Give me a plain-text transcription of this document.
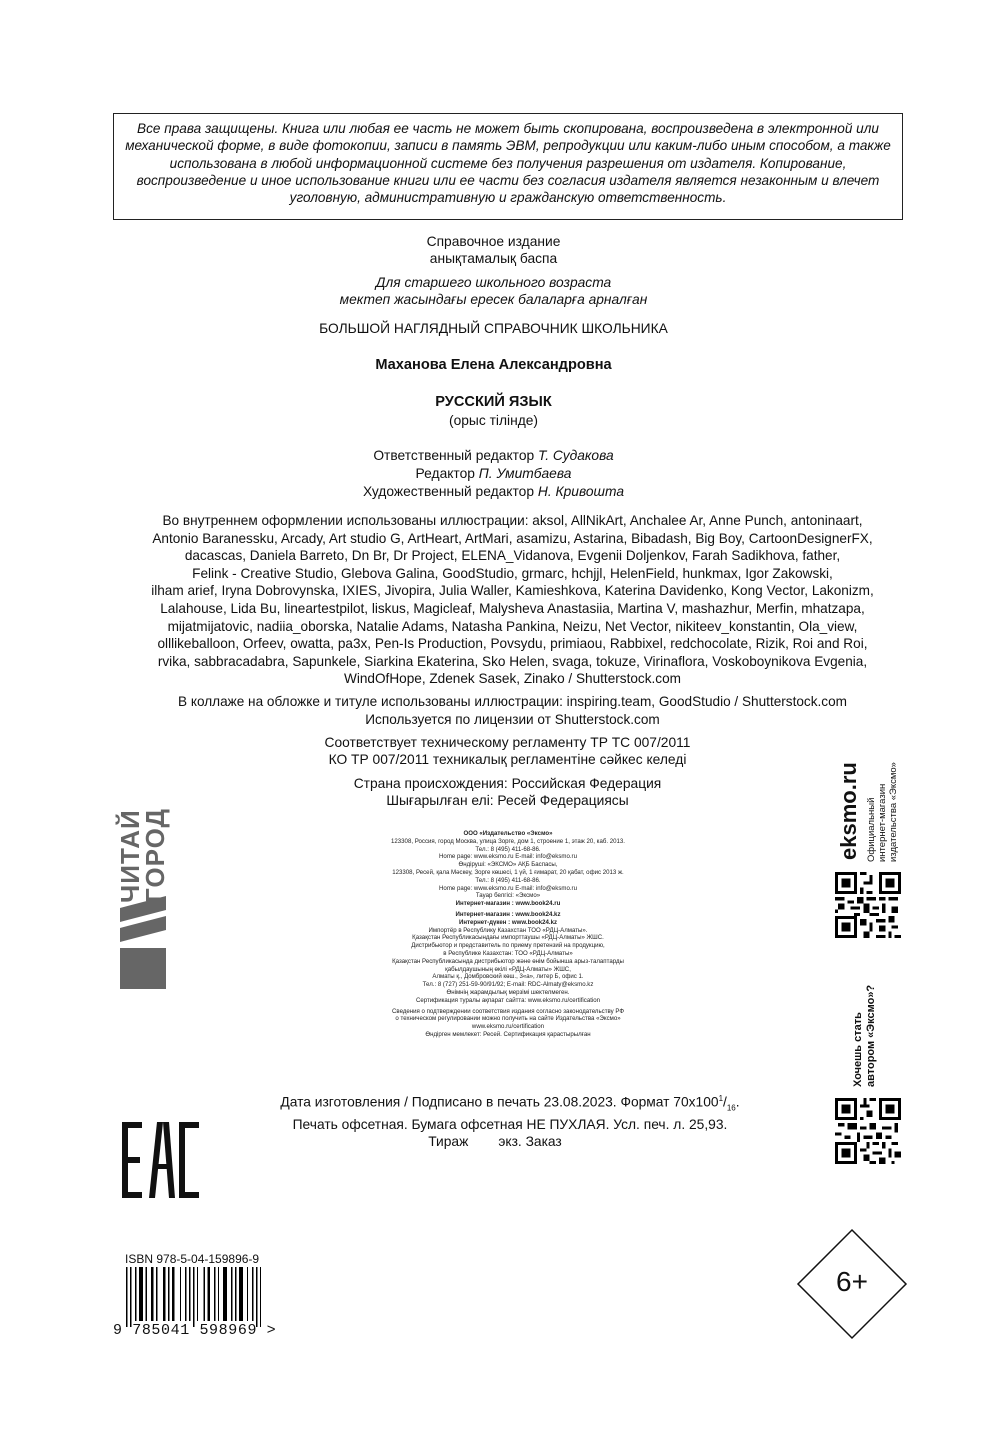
Все права защищены. Книга или любая ее часть не может быть скопирована, воспроизведена в электронной или механической форме, в виде фотокопии, записи в память ЭВМ, репродукции или каким-либо иным способом, а также использована в любой информационной системе без получения разрешения от издателя. Копирование, воспроизведение и иное использование книги или ее части без согласия издателя является незаконным и влечет уголовную, административную и гражданскую ответственность.
Справочное издание
анықтамалық баспа
Для старшего школьного возраста
мектеп жасындағы ересек балаларға арналған
БОЛЬШОЙ НАГЛЯДНЫЙ СПРАВОЧНИК ШКОЛЬНИКА
Маханова Елена Александровна
РУССКИЙ ЯЗЫК
(орыс тілінде)
Ответственный редактор Т. Судакова
Редактор П. Умитбаева
Художественный редактор Н. Кривошта
Во внутреннем оформлении использованы иллюстрации: aksol, AllNikArt, Anchalee Ar, Anne Punch, antoninaart,
Antonio Baranessku, Arcady, Art studio G, ArtHeart, ArtMari, asamizu, Astarina, Bibadash, Big Boy, CartoonDesignerFX,
dacascas, Daniela Barreto, Dn Br, Dr Project, ELENA_Vidanova, Evgenii Doljenkov, Farah Sadikhova, father,
Felink - Creative Studio, Glebova Galina, GoodStudio, grmarc, hchjjl, HelenField, hunkmax, Igor Zakowski,
ilham arief, Iryna Dobrovynska, IXIES, Jivopira, Julia Waller, Kamieshkova, Katerina Davidenko, Kong Vector, Lakonizm,
Lalahouse, Lida Bu, lineartestpilot, liskus, Magicleaf, Malysheva Anastasiia, Martina V, mashazhur, Merfin, mhatzapa,
mijatmijatovic, nadiia_oborska, Natalie Adams, Natasha Pankina, Neizu, Net Vector, nikiteev_konstantin, Ola_view,
olllikeballoon, Orfeev, owatta, pa3x, Pen-Is Production, Povsydu, primiaou, Rabbixel, redchocolate, Rizik, Roi and Roi,
rvika, sabbracadabra, Sapunkele, Siarkina Ekaterina, Sko Helen, svaga, tokuze, Virinaflora, Voskoboynikova Evgenia,
WindOfHope, Zdenek Sasek, Zinako / Shutterstock.com
В коллаже на обложке и титуле использованы иллюстрации: inspiring.team, GoodStudio / Shutterstock.com
Используется по лицензии от Shutterstock.com
Соответствует техническому регламенту ТР ТС 007/2011
КО ТР 007/2011 техникалық регламентіне сәйкес келеді
Страна происхождения: Российская Федерация
Шығарылған елі: Ресей Федерациясы
ООО «Издательство «Эксмо»
123308, Россия, город Москва, улица Зорге, дом 1, строение 1, этаж 20, каб. 2013.
Тел.: 8 (495) 411-68-86.
Home page: www.eksmo.ru E-mail: info@eksmo.ru
Өндіруші: «ЭКСМО» АҚБ Баспасы,
123308, Ресей, қала Мәскеу, Зорге көшесі, 1 үй, 1 ғимарат, 20 қабат, офис 2013 ж.
Тел.: 8 (495) 411-68-86.
Home page: www.eksmo.ru E-mail: info@eksmo.ru
Тауар белгісі: «Эксмо»
Интернет-магазин : www.book24.ru
Интернет-магазин : www.book24.kz
Интернет-дүкен : www.book24.kz
Импортёр в Республику Казахстан ТОО «РДЦ-Алматы».
Қазақстан Республикасындағы импорттаушы «РДЦ-Алматы» ЖШС.
Дистрибьютор и представитель по приему претензий на продукцию,
в Республике Казахстан: ТОО «РДЦ-Алматы»
Қазақстан Республикасында дистрибьютор және өнім бойынша арыз-талаптарды
қабылдаушының өкілі «РДЦ-Алматы» ЖШС,
Алматы қ., Домбровский көш., 3«а», литер Б, офис 1.
Тел.: 8 (727) 251-59-90/91/92; E-mail: RDC-Almaty@eksmo.kz
Өнімнің жарамдылық мерзімі шектелмеген.
Сертификация туралы ақпарат сайтта: www.eksmo.ru/certification
Сведения о подтверждении соответствия издания согласно законодательству РФ
о техническом регулировании можно получить на сайте Издательства «Эксмо»
www.eksmo.ru/certification
Өндірген мемлекет: Ресей. Сертификация қарастырылған
Дата изготовления / Подписано в печать 23.08.2023. Формат $70x100^1/_{16}$.
Печать офсетная. Бумага офсетная НЕ ПУХЛАЯ. Усл. печ. л. 25,93.
Тираж экз. Заказ
ЧИТАЙ
ГОРОД	eksmo.ru Официальный интернет-магазин издательства «Эксмо»
Хочешь стать автором «Эксмо»?
ISBN 978-5-04-159896-9
9 785041 598969 >
6+
